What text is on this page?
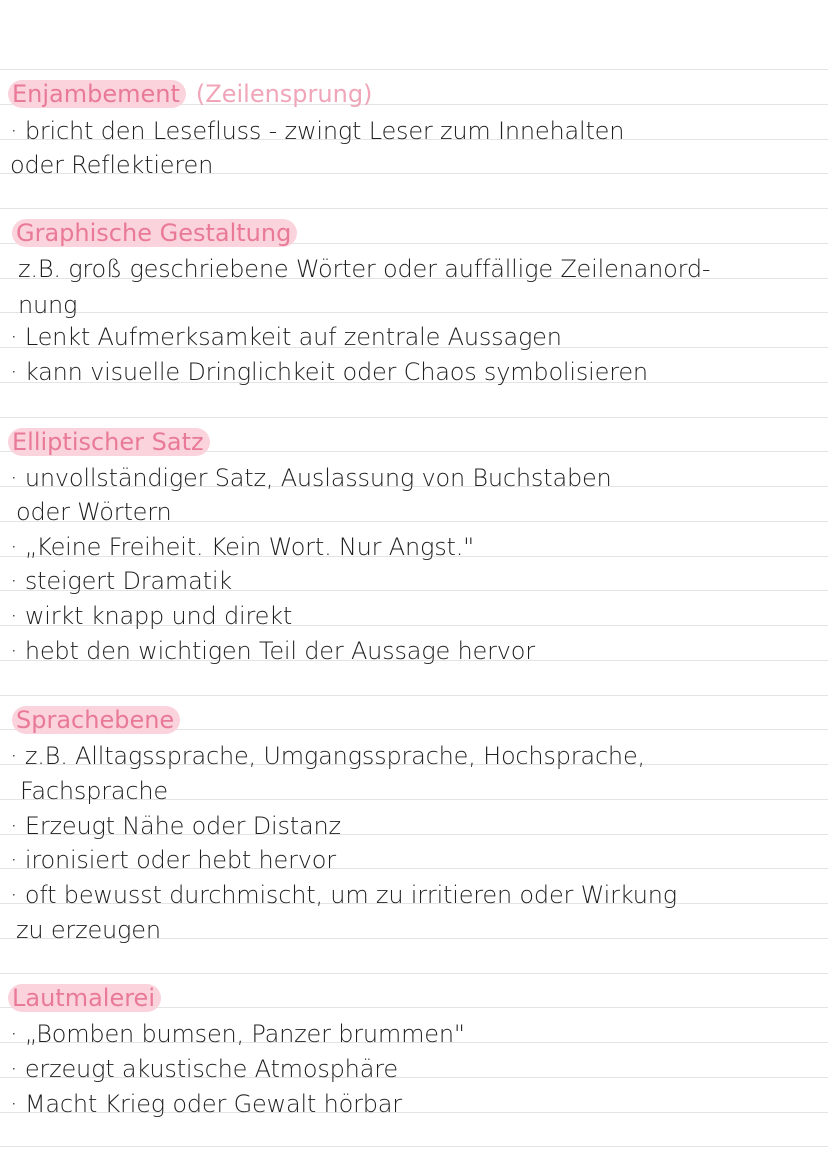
Enjambement (Zeilensprung)
· bricht den Lesefluss - zwingt Leser zum Innehalten
oder Reflektieren
Graphische Gestaltung
z.B. groß geschriebene Wörter oder auffällige Zeilenanord-
nung
· Lenkt Aufmerksamkeit auf zentrale Aussagen
· kann visuelle Dringlichkeit oder Chaos symbolisieren
Elliptischer Satz
· unvollständiger Satz, Auslassung von Buchstaben
oder Wörtern
· „Keine Freiheit. Kein Wort. Nur Angst."
· steigert Dramatik
· wirkt knapp und direkt
· hebt den wichtigen Teil der Aussage hervor
Sprachebene
· z.B. Alltagssprache, Umgangssprache, Hochsprache,
Fachsprache
· Erzeugt Nähe oder Distanz
· ironisiert oder hebt hervor
· oft bewusst durchmischt, um zu irritieren oder Wirkung
zu erzeugen
Lautmalerei
· „Bomben bumsen, Panzer brummen"
· erzeugt akustische Atmosphäre
· Macht Krieg oder Gewalt hörbar
